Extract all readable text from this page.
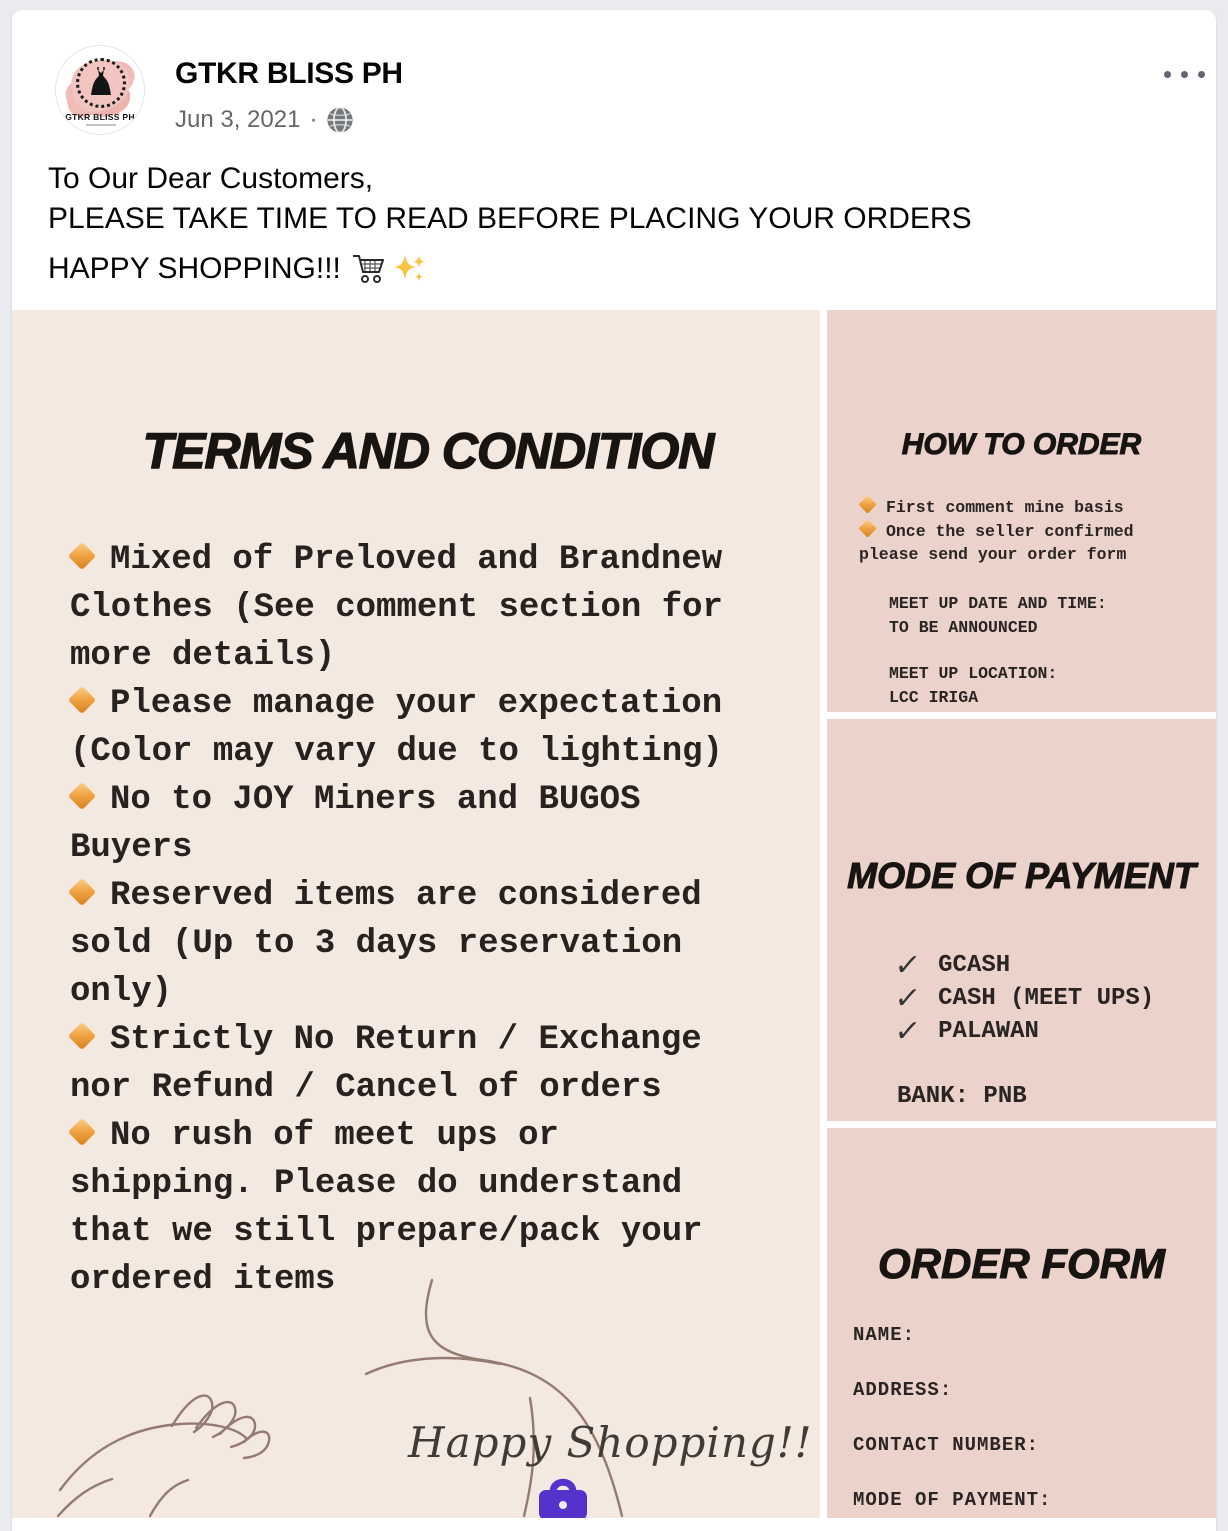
GTKR BLISS PH
GTKR BLISS PH
Jun 3, 2021 ·
To Our Dear Customers,
PLEASE TAKE TIME TO READ BEFORE PLACING YOUR ORDERS
HAPPY SHOPPING!!!
TERMS AND CONDITION
Mixed of Preloved and Brandnew Clothes (See comment section for more details)
Please manage your expectation (Color may vary due to lighting)
No to JOY Miners and BUGOS Buyers
Reserved items are considered sold (Up to 3 days reservation only)
Strictly No Return / Exchange nor Refund / Cancel of orders
No rush of meet ups or shipping. Please do understand that we still prepare/pack your ordered items
Happy Shopping!!
HOW TO ORDER
First comment mine basis
Once the seller confirmed please send your order form
MEET UP DATE AND TIME:
TO BE ANNOUNCED
MEET UP LOCATION:
LCC IRIGA
MODE OF PAYMENT
✓ GCASH
✓ CASH (MEET UPS)
✓ PALAWAN
BANK: PNB
ORDER FORM
NAME:
ADDRESS:
CONTACT NUMBER:
MODE OF PAYMENT:
